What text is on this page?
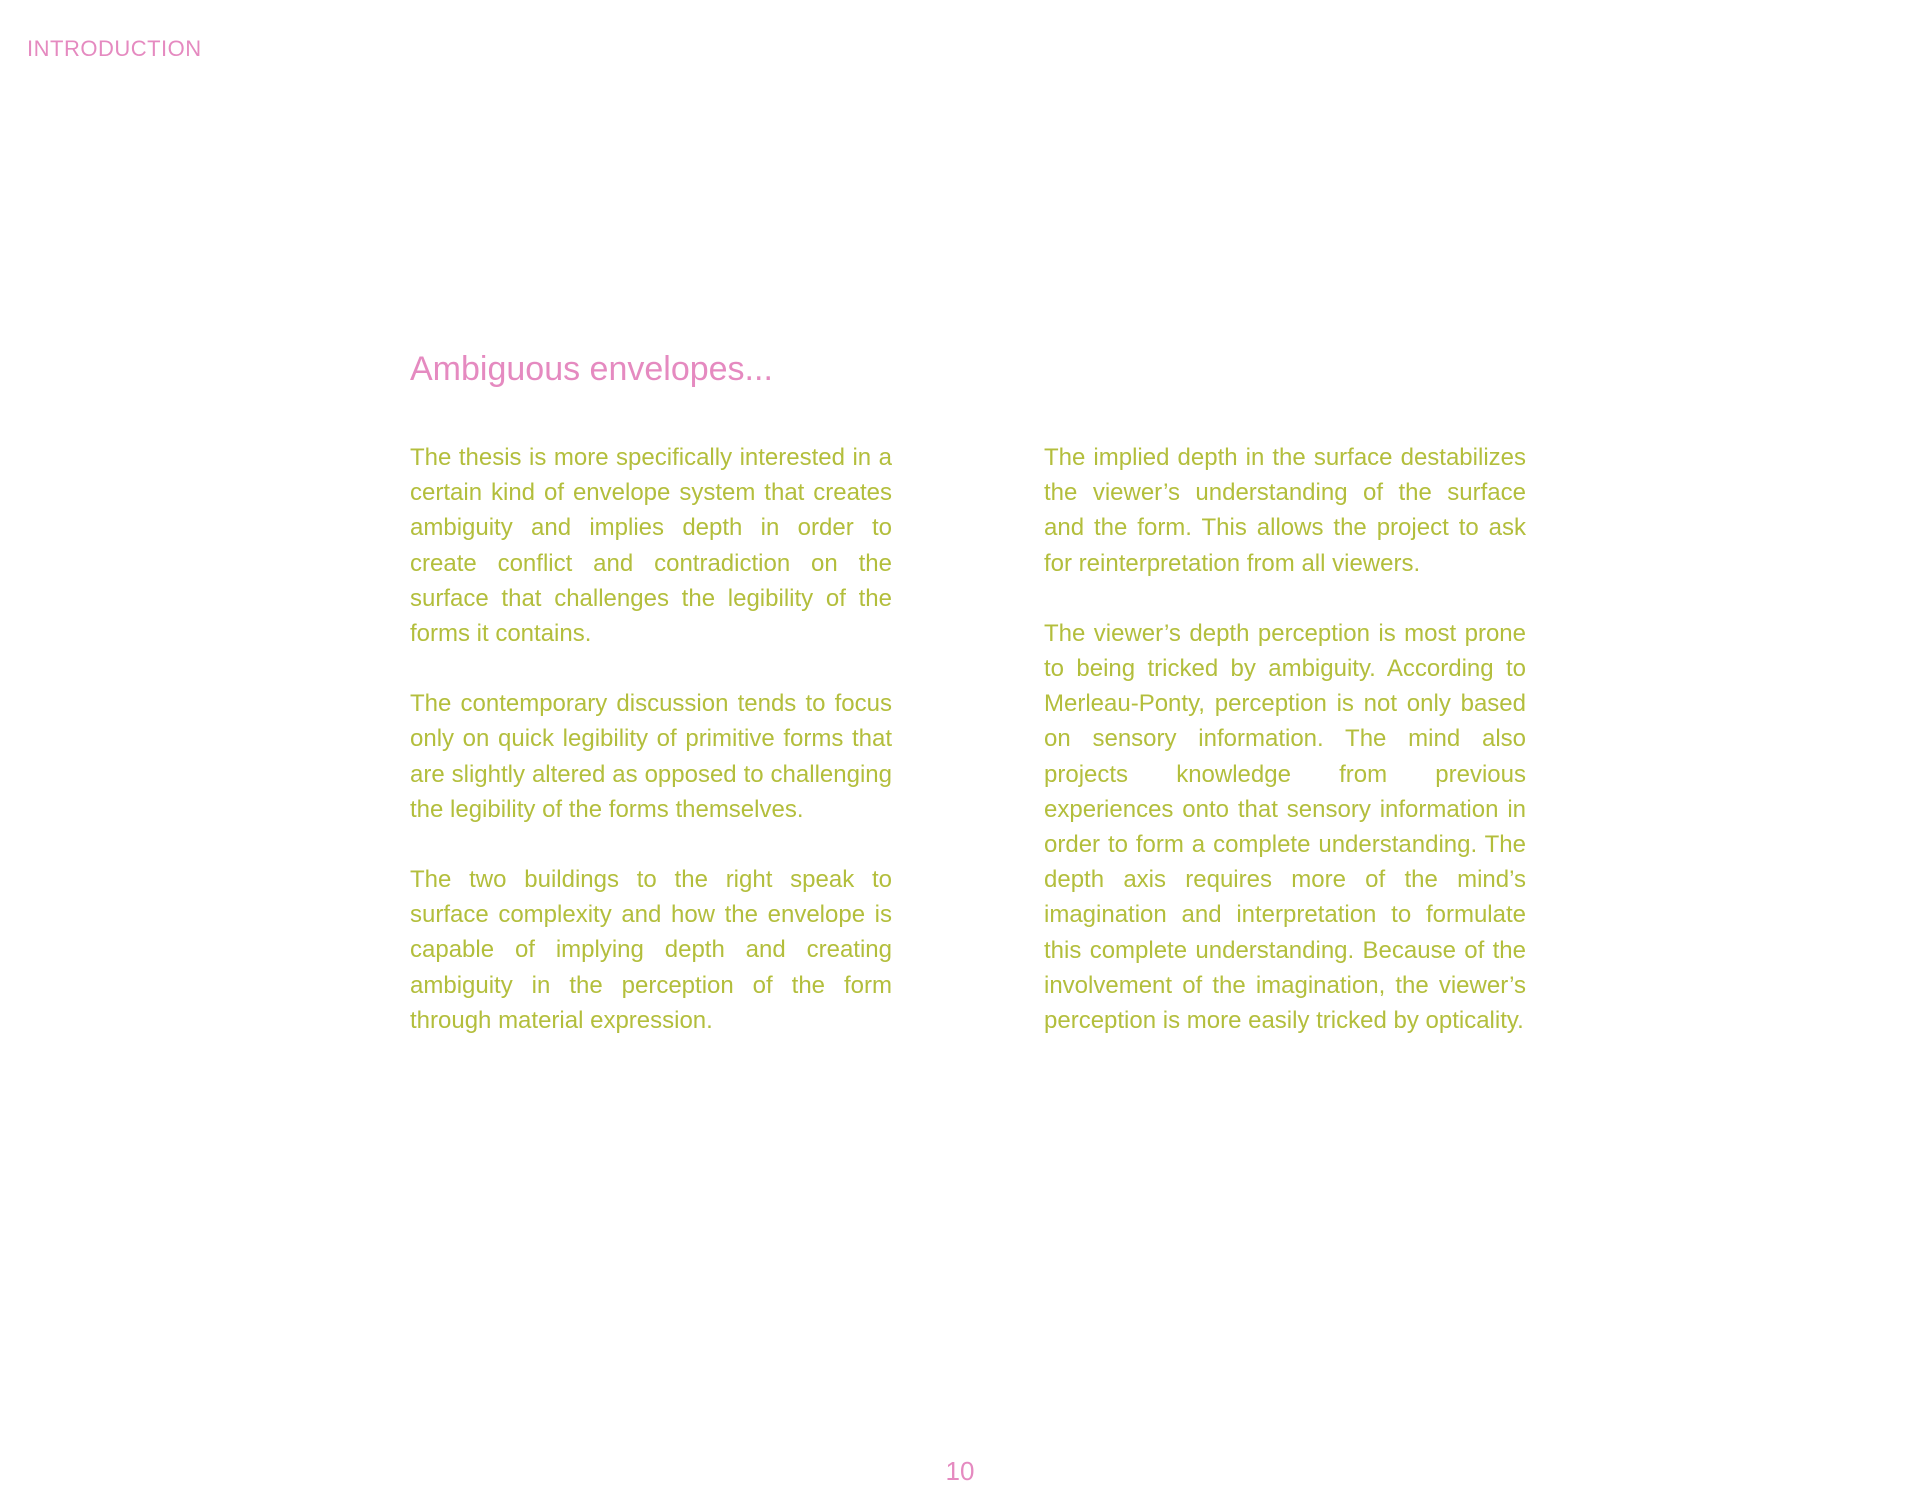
INTRODUCTION
Ambiguous envelopes...

The thesis is more specifically interested in a certain kind of envelope system that creates ambiguity and implies depth in order to create conflict and contradiction on the surface that challenges the legibility of the forms it contains.

The contemporary discussion tends to focus only on quick legibility of primitive forms that are slightly altered as opposed to challenging the legibility of the forms themselves.

The two buildings to the right speak to surface complexity and how the envelope is capable of implying depth and creating ambiguity in the perception of the form through material expression.

The implied depth in the surface destabilizes the viewer’s understanding of the surface and the form. This allows the project to ask for reinterpretation from all viewers.

The viewer’s depth perception is most prone to being tricked by ambiguity. According to Merleau-Ponty, perception is not only based on sensory information. The mind also projects knowledge from previous experiences onto that sensory information in order to form a complete understanding. The depth axis requires more of the mind’s imagination and interpretation to formulate this complete understanding. Because of the involvement of the imagination, the viewer’s perception is more easily tricked by opticality.

10
